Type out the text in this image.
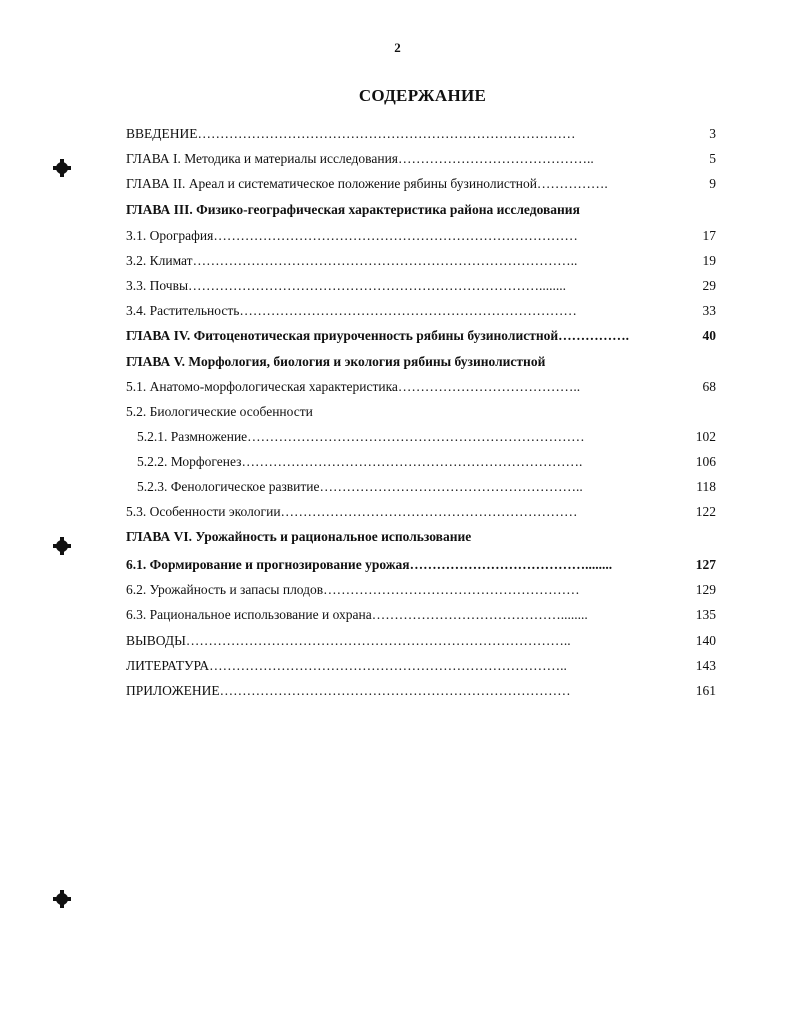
2
СОДЕРЖАНИЕ
ВВЕДЕНИЕ…………………………………………………………………………	3
ГЛАВА I. Методика и материалы исследования……………………………………..	5
ГЛАВА II. Ареал и систематическое положение рябины бузинолистной…………….	9
ГЛАВА III. Физико-географическая характеристика района исследования
3.1. Орография………………………………………………………………………	17
3.2. Климат…………………………………………………………………………..	19
3.3. Почвы……………………………………………………………………........	29
3.4. Растительность…………………………………………………………………	33
ГЛАВА IV. Фитоценотическая приуроченность рябины бузинолистной…………….	40
ГЛАВА V. Морфология, биология и экология рябины бузинолистной
5.1. Анатомо-морфологическая характеристика…………………………………..	68
5.2. Биологические особенности
5.2.1. Размножение…………………………………………………………………	102
5.2.2. Морфогенез………………………………………………………………….	106
5.2.3. Фенологическое развитие…………………………………………………..	118
5.3. Особенности экологии…………………………………………………………	122
ГЛАВА VI. Урожайность и рациональное использование
6.1. Формирование и прогнозирование урожая…………………………………........	127
6.2. Урожайность и запасы плодов…………………………………………………	129
6.3. Рациональное использование и охрана……………………………………........	135
ВЫВОДЫ…………………………………………………………………………..	140
ЛИТЕРАТУРА……………………………………………………………………..	143
ПРИЛОЖЕНИЕ……………………………………………………………………	161
